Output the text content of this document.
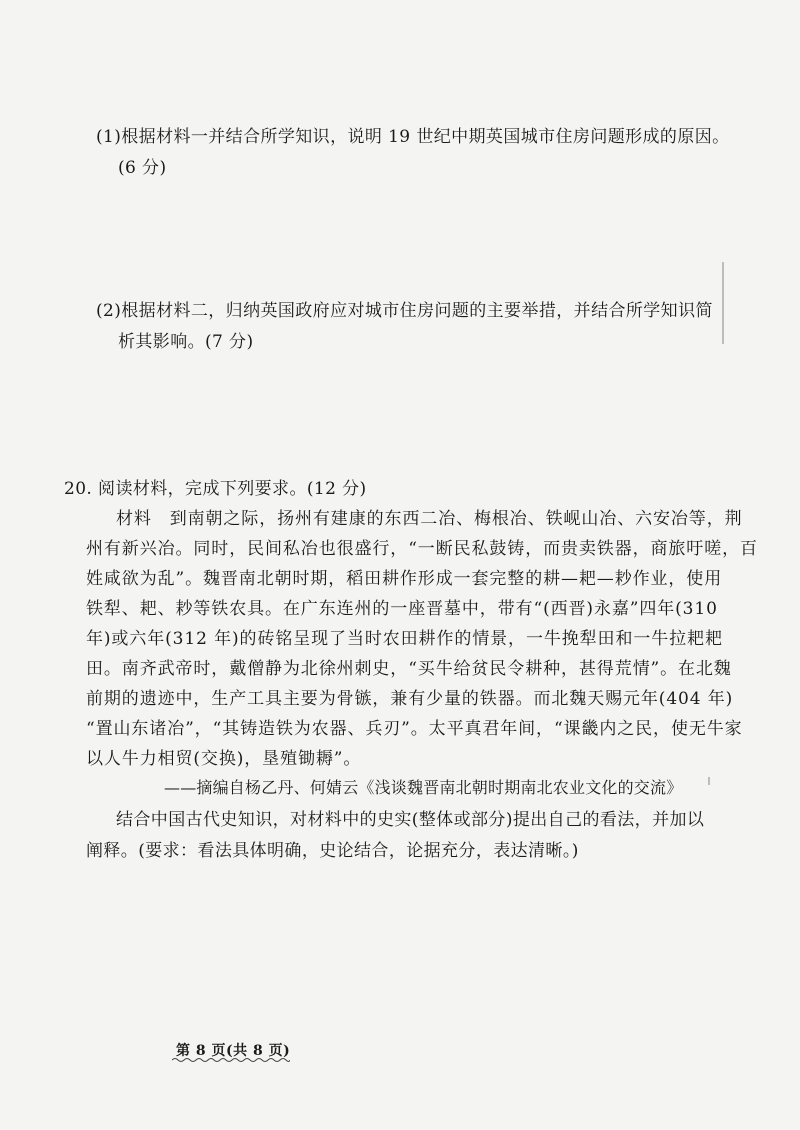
(1)根据材料一并结合所学知识，说明 19 世纪中期英国城市住房问题形成的原因。

(6 分)

(2)根据材料二，归纳英国政府应对城市住房问题的主要举措，并结合所学知识简

析其影响。(7 分)

20. 阅读材料，完成下列要求。(12 分)

材料　到南朝之际，扬州有建康的东西二冶、梅根冶、铁岘山冶、六安冶等，荆

州有新兴冶。同时，民间私冶也很盛行，“一断民私鼓铸，而贵卖铁器，商旅吁嗟，百

姓咸欲为乱”。魏晋南北朝时期，稻田耕作形成一套完整的耕—耙—耖作业，使用

铁犁、耙、耖等铁农具。在广东连州的一座晋墓中，带有“(西晋)永嘉”四年(310

年)或六年(312 年)的砖铭呈现了当时农田耕作的情景，一牛挽犁田和一牛拉耙耙

田。南齐武帝时，戴僧静为北徐州刺史，“买牛给贫民令耕种，甚得荒情”。在北魏

前期的遗迹中，生产工具主要为骨镞，兼有少量的铁器。而北魏天赐元年(404 年)

“置山东诸冶”，“其铸造铁为农器、兵刃”。太平真君年间，“课畿内之民，使无牛家

以人牛力相贸(交换)，垦殖锄耨”。

——摘编自杨乙丹、何婧云《浅谈魏晋南北朝时期南北农业文化的交流》

结合中国古代史知识，对材料中的史实(整体或部分)提出自己的看法，并加以

阐释。(要求：看法具体明确，史论结合，论据充分，表达清晰。)

第 8 页(共 8 页)
